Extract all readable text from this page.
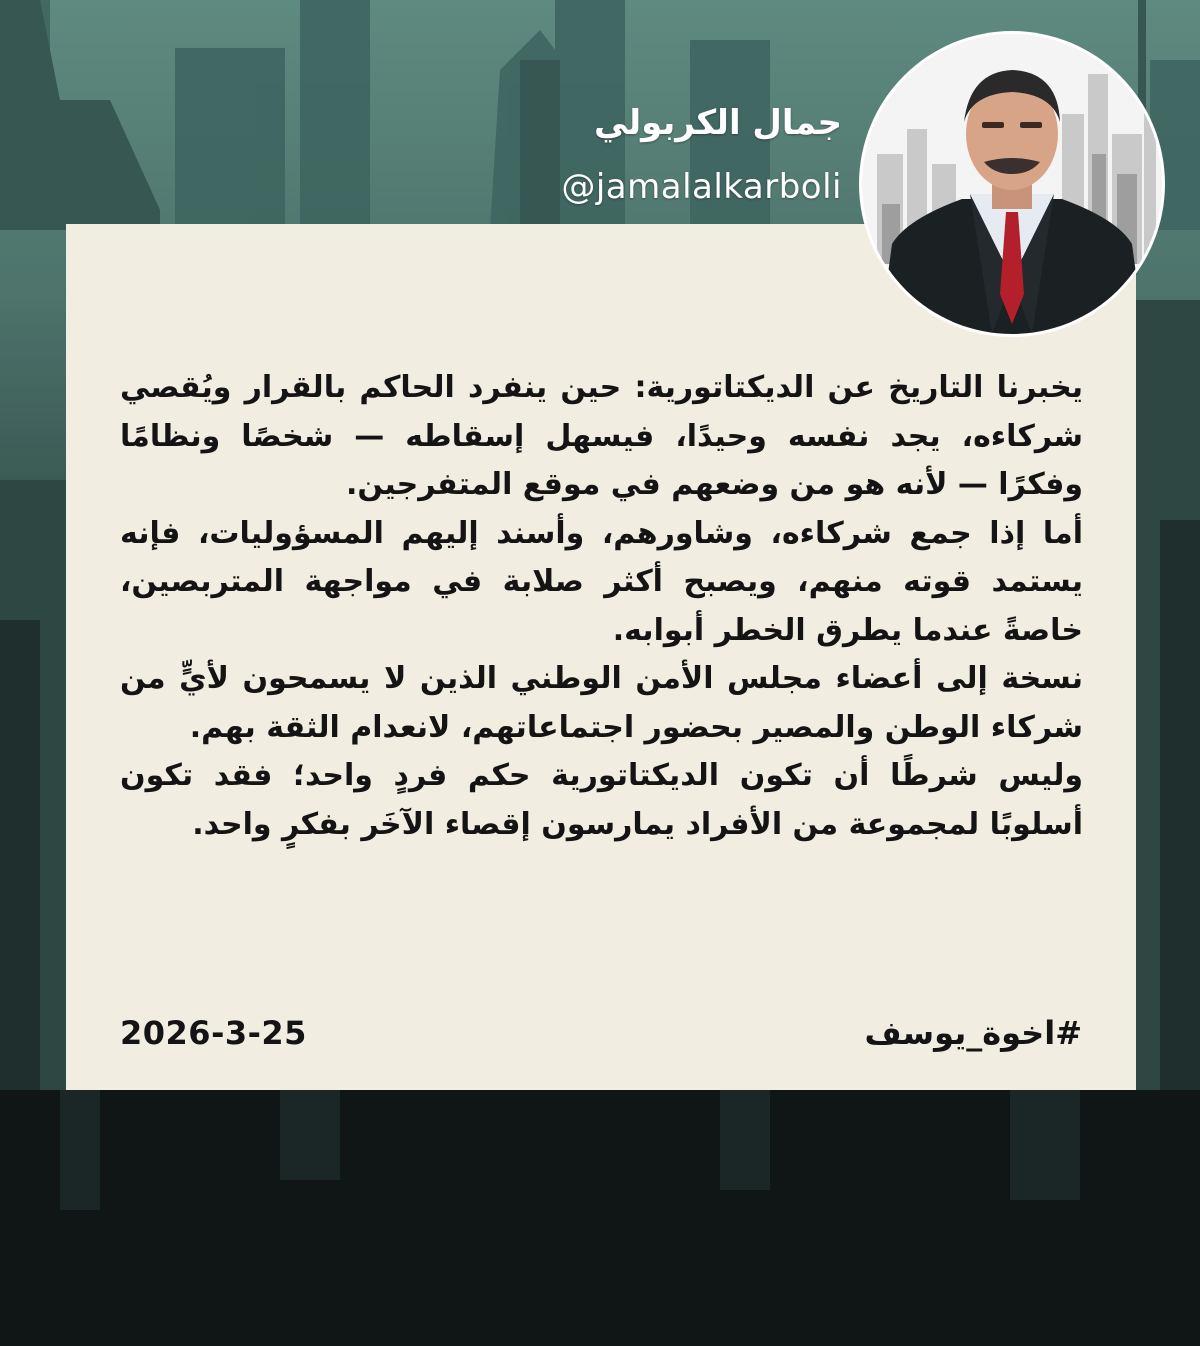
جمال الكربولي
@jamalalkarboli

يخبرنا التاريخ عن الديكتاتورية: حين ينفرد الحاكم بالقرار ويُقصي شركاءه، يجد نفسه وحيدًا، فيسهل إسقاطه — شخصًا ونظامًا وفكرًا — لأنه هو من وضعهم في موقع المتفرجين.

أما إذا جمع شركاءه، وشاورهم، وأسند إليهم المسؤوليات، فإنه يستمد قوته منهم، ويصبح أكثر صلابة في مواجهة المتربصين، خاصةً عندما يطرق الخطر أبوابه.

نسخة إلى أعضاء مجلس الأمن الوطني الذين لا يسمحون لأيٍّ من شركاء الوطن والمصير بحضور اجتماعاتهم، لانعدام الثقة بهم.

وليس شرطًا أن تكون الديكتاتورية حكم فردٍ واحد؛ فقد تكون أسلوبًا لمجموعة من الأفراد يمارسون إقصاء الآخَر بفكرٍ واحد.

#اخوة_يوسف
2026-3-25
